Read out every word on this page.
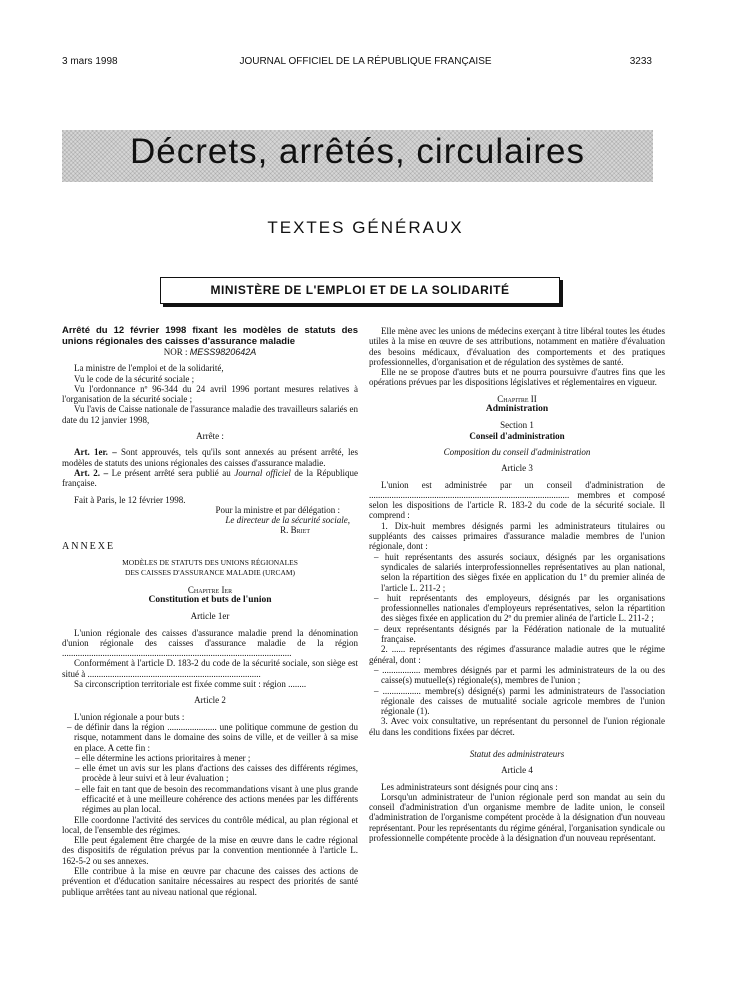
3 mars 1998	JOURNAL OFFICIEL DE LA RÉPUBLIQUE FRANÇAISE	3233
Décrets, arrêtés, circulaires
TEXTES GÉNÉRAUX
MINISTÈRE DE L'EMPLOI ET DE LA SOLIDARITÉ

Arrêté du 12 février 1998 fixant les modèles de statuts des unions régionales des caisses d'assurance maladie

NOR : MESS9820642A

La ministre de l'emploi et de la solidarité,

Vu le code de la sécurité sociale ;

Vu l'ordonnance nº 96-344 du 24 avril 1996 portant mesures relatives à l'organisation de la sécurité sociale ;

Vu l'avis de Caisse nationale de l'assurance maladie des travailleurs salariés en date du 12 janvier 1998,

Arrête :

Art. 1er. – Sont approuvés, tels qu'ils sont annexés au présent arrêté, les modèles de statuts des unions régionales des caisses d'assurance maladie.

Art. 2. – Le présent arrêté sera publié au Journal officiel de la République française.

Fait à Paris, le 12 février 1998.

Pour la ministre et par délégation :

Le directeur de la sécurité sociale,

R. Briet

ANNEXE

MODÈLES DE STATUTS DES UNIONS RÉGIONALES

DES CAISSES D'ASSURANCE MALADIE (URCAM)

Chapitre Ier

Constitution et buts de l'union

Article 1er

L'union régionale des caisses d'assurance maladie prend la dénomination d'union régionale des caisses d'assurance maladie de la région ......................................................................................................

Conformément à l'article D. 183-2 du code de la sécurité sociale, son siège est situé à .............................................................................

Sa circonscription territoriale est fixée comme suit : région ........

Article 2

L'union régionale a pour buts :

– de définir dans la région ...................... une politique commune de gestion du risque, notamment dans le domaine des soins de ville, et de veiller à sa mise en place. A cette fin :

– elle détermine les actions prioritaires à mener ;

– elle émet un avis sur les plans d'actions des caisses des différents régimes, procède à leur suivi et à leur évaluation ;

– elle fait en tant que de besoin des recommandations visant à une plus grande efficacité et à une meilleure cohérence des actions menées par les différents régimes au plan local.

Elle coordonne l'activité des services du contrôle médical, au plan régional et local, de l'ensemble des régimes.

Elle peut également être chargée de la mise en œuvre dans le cadre régional des dispositifs de régulation prévus par la convention mentionnée à l'article L. 162-5-2 ou ses annexes.

Elle contribue à la mise en œuvre par chacune des caisses des actions de prévention et d'éducation sanitaire nécessaires au respect des priorités de santé publique arrêtées tant au niveau national que régional.

Elle mène avec les unions de médecins exerçant à titre libéral toutes les études utiles à la mise en œuvre de ses attributions, notamment en matière d'évaluation des besoins médicaux, d'évaluation des comportements et des pratiques professionnelles, d'organisation et de régulation des systèmes de santé.

Elle ne se propose d'autres buts et ne pourra poursuivre d'autres fins que les opérations prévues par les dispositions législatives et réglementaires en vigueur.

Chapitre II

Administration

Section 1

Conseil d'administration

Composition du conseil d'administration

Article 3

L'union est administrée par un conseil d'administration de ......................................................................................... membres et composé selon les dispositions de l'article R. 183-2 du code de la sécurité sociale. Il comprend :

1. Dix-huit membres désignés parmi les administrateurs titulaires ou suppléants des caisses primaires d'assurance maladie membres de l'union régionale, dont :

– huit représentants des assurés sociaux, désignés par les organisations syndicales de salariés interprofessionnelles représentatives au plan national, selon la répartition des sièges fixée en application du 1º du premier alinéa de l'article L. 211-2 ;

– huit représentants des employeurs, désignés par les organisations professionnelles nationales d'employeurs représentatives, selon la répartition des sièges fixée en application du 2º du premier alinéa de l'article L. 211-2 ;

– deux représentants désignés par la Fédération nationale de la mutualité française.

2. ...... représentants des régimes d'assurance maladie autres que le régime général, dont :

– ................. membres désignés par et parmi les administrateurs de la ou des caisse(s) mutuelle(s) régionale(s), membres de l'union ;

– ................. membre(s) désigné(s) parmi les administrateurs de l'association régionale des caisses de mutualité sociale agricole membres de l'union régionale (1).

3. Avec voix consultative, un représentant du personnel de l'union régionale élu dans les conditions fixées par décret.

Statut des administrateurs

Article 4

Les administrateurs sont désignés pour cinq ans :

Lorsqu'un administrateur de l'union régionale perd son mandat au sein du conseil d'administration d'un organisme membre de ladite union, le conseil d'administration de l'organisme compétent procède à la désignation d'un nouveau représentant. Pour les représentants du régime général, l'organisation syndicale ou professionnelle compétente procède à la désignation d'un nouveau représentant.
